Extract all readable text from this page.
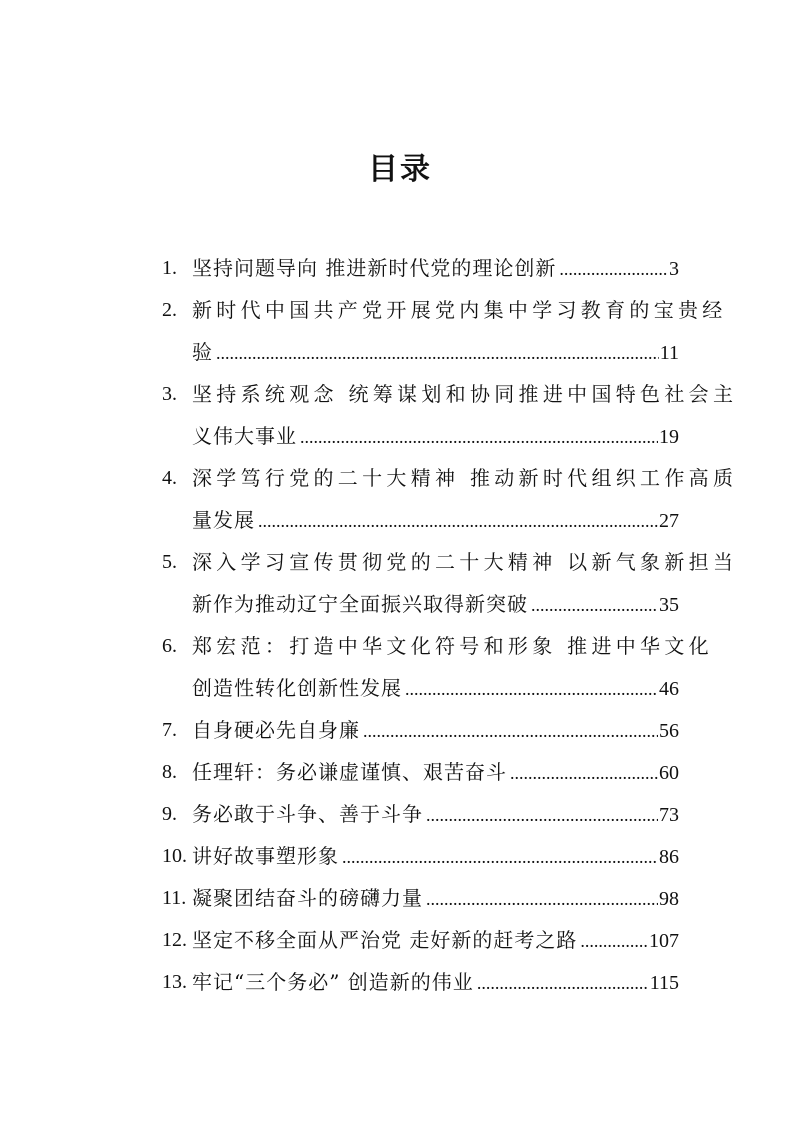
目录
1. 坚持问题导向 推进新时代党的理论创新 .....	3
2. 新时代中国共产党开展党内集中学习教育的宝贵经
验 .....	11
3. 坚持系统观念 统筹谋划和协同推进中国特色社会主
义伟大事业 .....	19
4. 深学笃行党的二十大精神 推动新时代组织工作高质
量发展 .....	27
5. 深入学习宣传贯彻党的二十大精神 以新气象新担当
新作为推动辽宁全面振兴取得新突破 .....	35
6. 郑宏范：打造中华文化符号和形象 推进中华文化
创造性转化创新性发展 .....	46
7. 自身硬必先自身廉 .....	56
8. 任理轩：务必谦虚谨慎、艰苦奋斗 .....	60
9. 务必敢于斗争、善于斗争 .....	73
10. 讲好故事塑形象 .....	86
11. 凝聚团结奋斗的磅礴力量 .....	98
12. 坚定不移全面从严治党 走好新的赶考之路 .....	107
13. 牢记“三个务必” 创造新的伟业 .....	115
